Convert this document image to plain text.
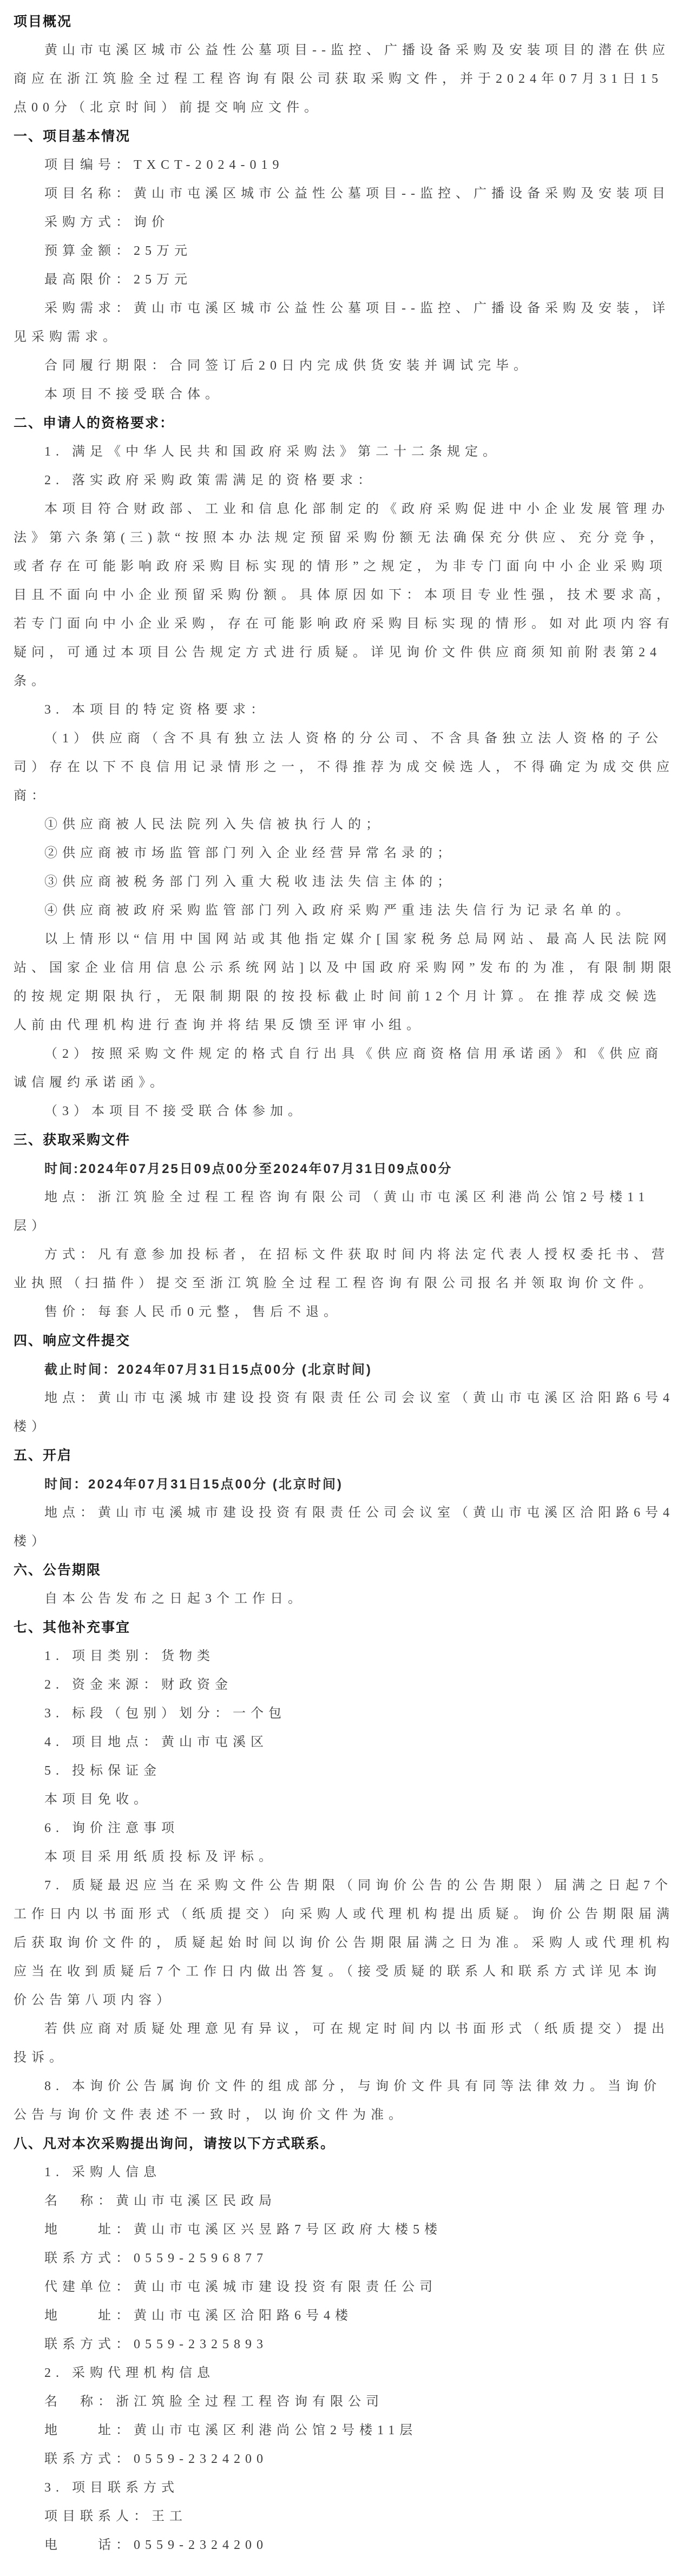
项目概况
黄山市屯溪区城市公益性公墓项目--监控、广播设备采购及安装项目的潜在供应商应在浙江筑脸全过程工程咨询有限公司获取采购文件，并于2024年07月31日15点00分（北京时间）前提交响应文件。
一、项目基本情况
项目编号：TXCT-2024-019
项目名称：黄山市屯溪区城市公益性公墓项目--监控、广播设备采购及安装项目
采购方式：询价
预算金额：25万元
最高限价：25万元
采购需求：黄山市屯溪区城市公益性公墓项目--监控、广播设备采购及安装，详见采购需求。
合同履行期限：合同签订后20日内完成供货安装并调试完毕。
本项目不接受联合体。
二、申请人的资格要求：
1. 满足《中华人民共和国政府采购法》第二十二条规定。
2. 落实政府采购政策需满足的资格要求：
本项目符合财政部、工业和信息化部制定的《政府采购促进中小企业发展管理办法》第六条第(三)款“按照本办法规定预留采购份额无法确保充分供应、充分竞争，或者存在可能影响政府采购目标实现的情形”之规定，为非专门面向中小企业采购项目且不面向中小企业预留采购份额。具体原因如下：本项目专业性强，技术要求高，若专门面向中小企业采购，存在可能影响政府采购目标实现的情形。如对此项内容有疑问，可通过本项目公告规定方式进行质疑。详见询价文件供应商须知前附表第24条。
3. 本项目的特定资格要求：
（1）供应商（含不具有独立法人资格的分公司、不含具备独立法人资格的子公司）存在以下不良信用记录情形之一，不得推荐为成交候选人，不得确定为成交供应商：
①供应商被人民法院列入失信被执行人的；
②供应商被市场监管部门列入企业经营异常名录的；
③供应商被税务部门列入重大税收违法失信主体的；
④供应商被政府采购监管部门列入政府采购严重违法失信行为记录名单的。
以上情形以“信用中国网站或其他指定媒介[国家税务总局网站、最高人民法院网站、国家企业信用信息公示系统网站]以及中国政府采购网”发布的为准，有限制期限的按规定期限执行，无限制期限的按投标截止时间前12个月计算。在推荐成交候选人前由代理机构进行查询并将结果反馈至评审小组。
（2）按照采购文件规定的格式自行出具《供应商资格信用承诺函》和《供应商诚信履约承诺函》。
（3）本项目不接受联合体参加。
三、获取采购文件
时间:2024年07月25日09点00分至2024年07月31日09点00分
地点：浙江筑脸全过程工程咨询有限公司（黄山市屯溪区利港尚公馆2号楼11层）
方式：凡有意参加投标者，在招标文件获取时间内将法定代表人授权委托书、营业执照（扫描件）提交至浙江筑脸全过程工程咨询有限公司报名并领取询价文件。
售价：每套人民币0元整，售后不退。
四、响应文件提交
截止时间：2024年07月31日15点00分 (北京时间)
地点：黄山市屯溪城市建设投资有限责任公司会议室（黄山市屯溪区洽阳路6号4楼）
五、开启
时间：2024年07月31日15点00分 (北京时间)
地点：黄山市屯溪城市建设投资有限责任公司会议室（黄山市屯溪区洽阳路6号4楼）
六、公告期限
自本公告发布之日起3个工作日。
七、其他补充事宜
1. 项目类别：货物类
2. 资金来源：财政资金
3. 标段（包别）划分：一个包
4. 项目地点：黄山市屯溪区
5. 投标保证金
本项目免收。
6. 询价注意事项
本项目采用纸质投标及评标。
7. 质疑最迟应当在采购文件公告期限（同询价公告的公告期限）届满之日起7个工作日内以书面形式（纸质提交）向采购人或代理机构提出质疑。询价公告期限届满后获取询价文件的，质疑起始时间以询价公告期限届满之日为准。采购人或代理机构应当在收到质疑后7个工作日内做出答复。（接受质疑的联系人和联系方式详见本询价公告第八项内容）
若供应商对质疑处理意见有异议，可在规定时间内以书面形式（纸质提交）提出投诉。
8. 本询价公告属询价文件的组成部分，与询价文件具有同等法律效力。当询价公告与询价文件表述不一致时，以询价文件为准。
八、凡对本次采购提出询问，请按以下方式联系。
1. 采购人信息
名　称：黄山市屯溪区民政局
地　　址：黄山市屯溪区兴昱路7号区政府大楼5楼
联系方式：0559-2596877
代建单位：黄山市屯溪城市建设投资有限责任公司
地　　址：黄山市屯溪区洽阳路6号4楼
联系方式：0559-2325893
2. 采购代理机构信息
名　称：浙江筑脸全过程工程咨询有限公司
地　　址：黄山市屯溪区利港尚公馆2号楼11层
联系方式：0559-2324200
3. 项目联系方式
项目联系人：王工
电　　话：0559-2324200
